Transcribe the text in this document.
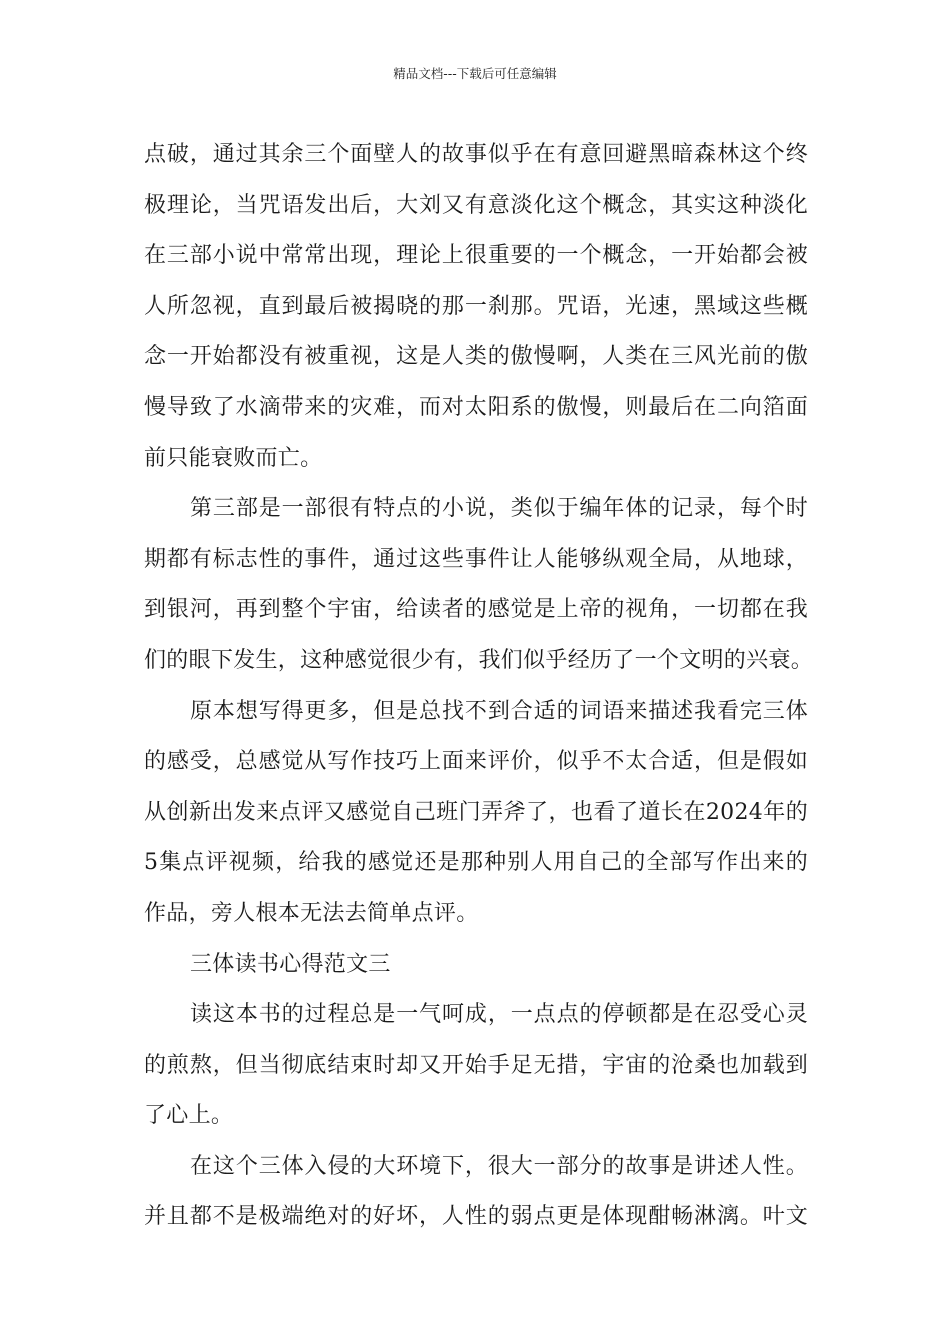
精品文档---下载后可任意编辑
点破，通过其余三个面壁人的故事似乎在有意回避黑暗森林这个终
极理论，当咒语发出后，大刘又有意淡化这个概念，其实这种淡化
在三部小说中常常出现，理论上很重要的一个概念，一开始都会被
人所忽视，直到最后被揭晓的那一刹那。咒语，光速，黑域这些概
念一开始都没有被重视，这是人类的傲慢啊，人类在三风光前的傲
慢导致了水滴带来的灾难，而对太阳系的傲慢，则最后在二向箔面
前只能衰败而亡。
第三部是一部很有特点的小说，类似于编年体的记录，每个时
期都有标志性的事件，通过这些事件让人能够纵观全局，从地球，
到银河，再到整个宇宙，给读者的感觉是上帝的视角，一切都在我
们的眼下发生，这种感觉很少有，我们似乎经历了一个文明的兴衰。
原本想写得更多，但是总找不到合适的词语来描述我看完三体
的感受，总感觉从写作技巧上面来评价，似乎不太合适，但是假如
从创新出发来点评又感觉自己班门弄斧了，也看了道长在2024年的
5集点评视频，给我的感觉还是那种别人用自己的全部写作出来的
作品，旁人根本无法去简单点评。
三体读书心得范文三
读这本书的过程总是一气呵成，一点点的停顿都是在忍受心灵
的煎熬，但当彻底结束时却又开始手足无措，宇宙的沧桑也加载到
了心上。
在这个三体入侵的大环境下，很大一部分的故事是讲述人性。
并且都不是极端绝对的好坏，人性的弱点更是体现酣畅淋漓。叶文
